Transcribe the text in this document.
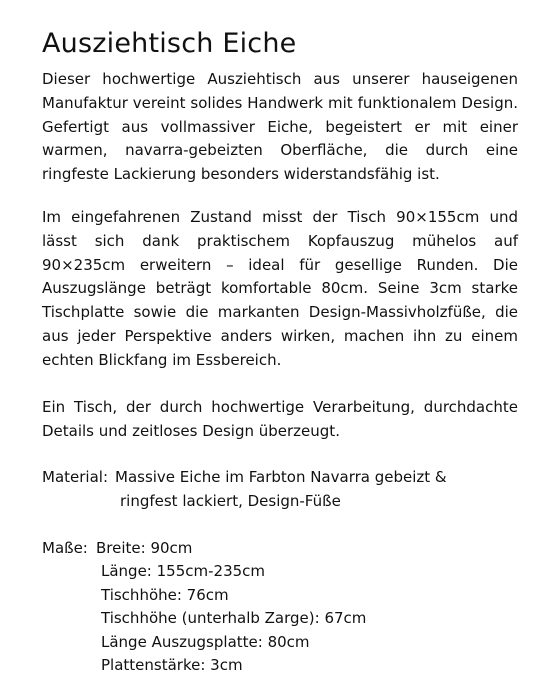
Ausziehtisch Eiche

Dieser hochwertige Ausziehtisch aus unserer hauseigenen Manufaktur vereint solides Handwerk mit funktionalem Design. Gefertigt aus vollmassiver Eiche, begeistert er mit einer warmen, navarra-gebeizten Oberfläche, die durch eine ringfeste Lackierung besonders widerstandsfähig ist.

Im eingefahrenen Zustand misst der Tisch 90×155cm und lässt sich dank praktischem Kopfauszug mühelos auf 90×235cm erweitern – ideal für gesellige Runden. Die Auszugslänge beträgt komfortable 80cm. Seine 3cm starke Tischplatte sowie die markanten Design-Massivholzfüße, die aus jeder Perspektive anders wirken, machen ihn zu einem echten Blickfang im Essbereich.

Ein Tisch, der durch hochwertige Verarbeitung, durchdachte Details und zeitloses Design überzeugt.

Material: Massive Eiche im Farbton Navarra gebeizt &
ringfest lackiert, Design-Füße
Maße: Breite: 90cm
Länge: 155cm-235cm
Tischhöhe: 76cm
Tischhöhe (unterhalb Zarge): 67cm
Länge Auszugsplatte: 80cm
Plattenstärke: 3cm
